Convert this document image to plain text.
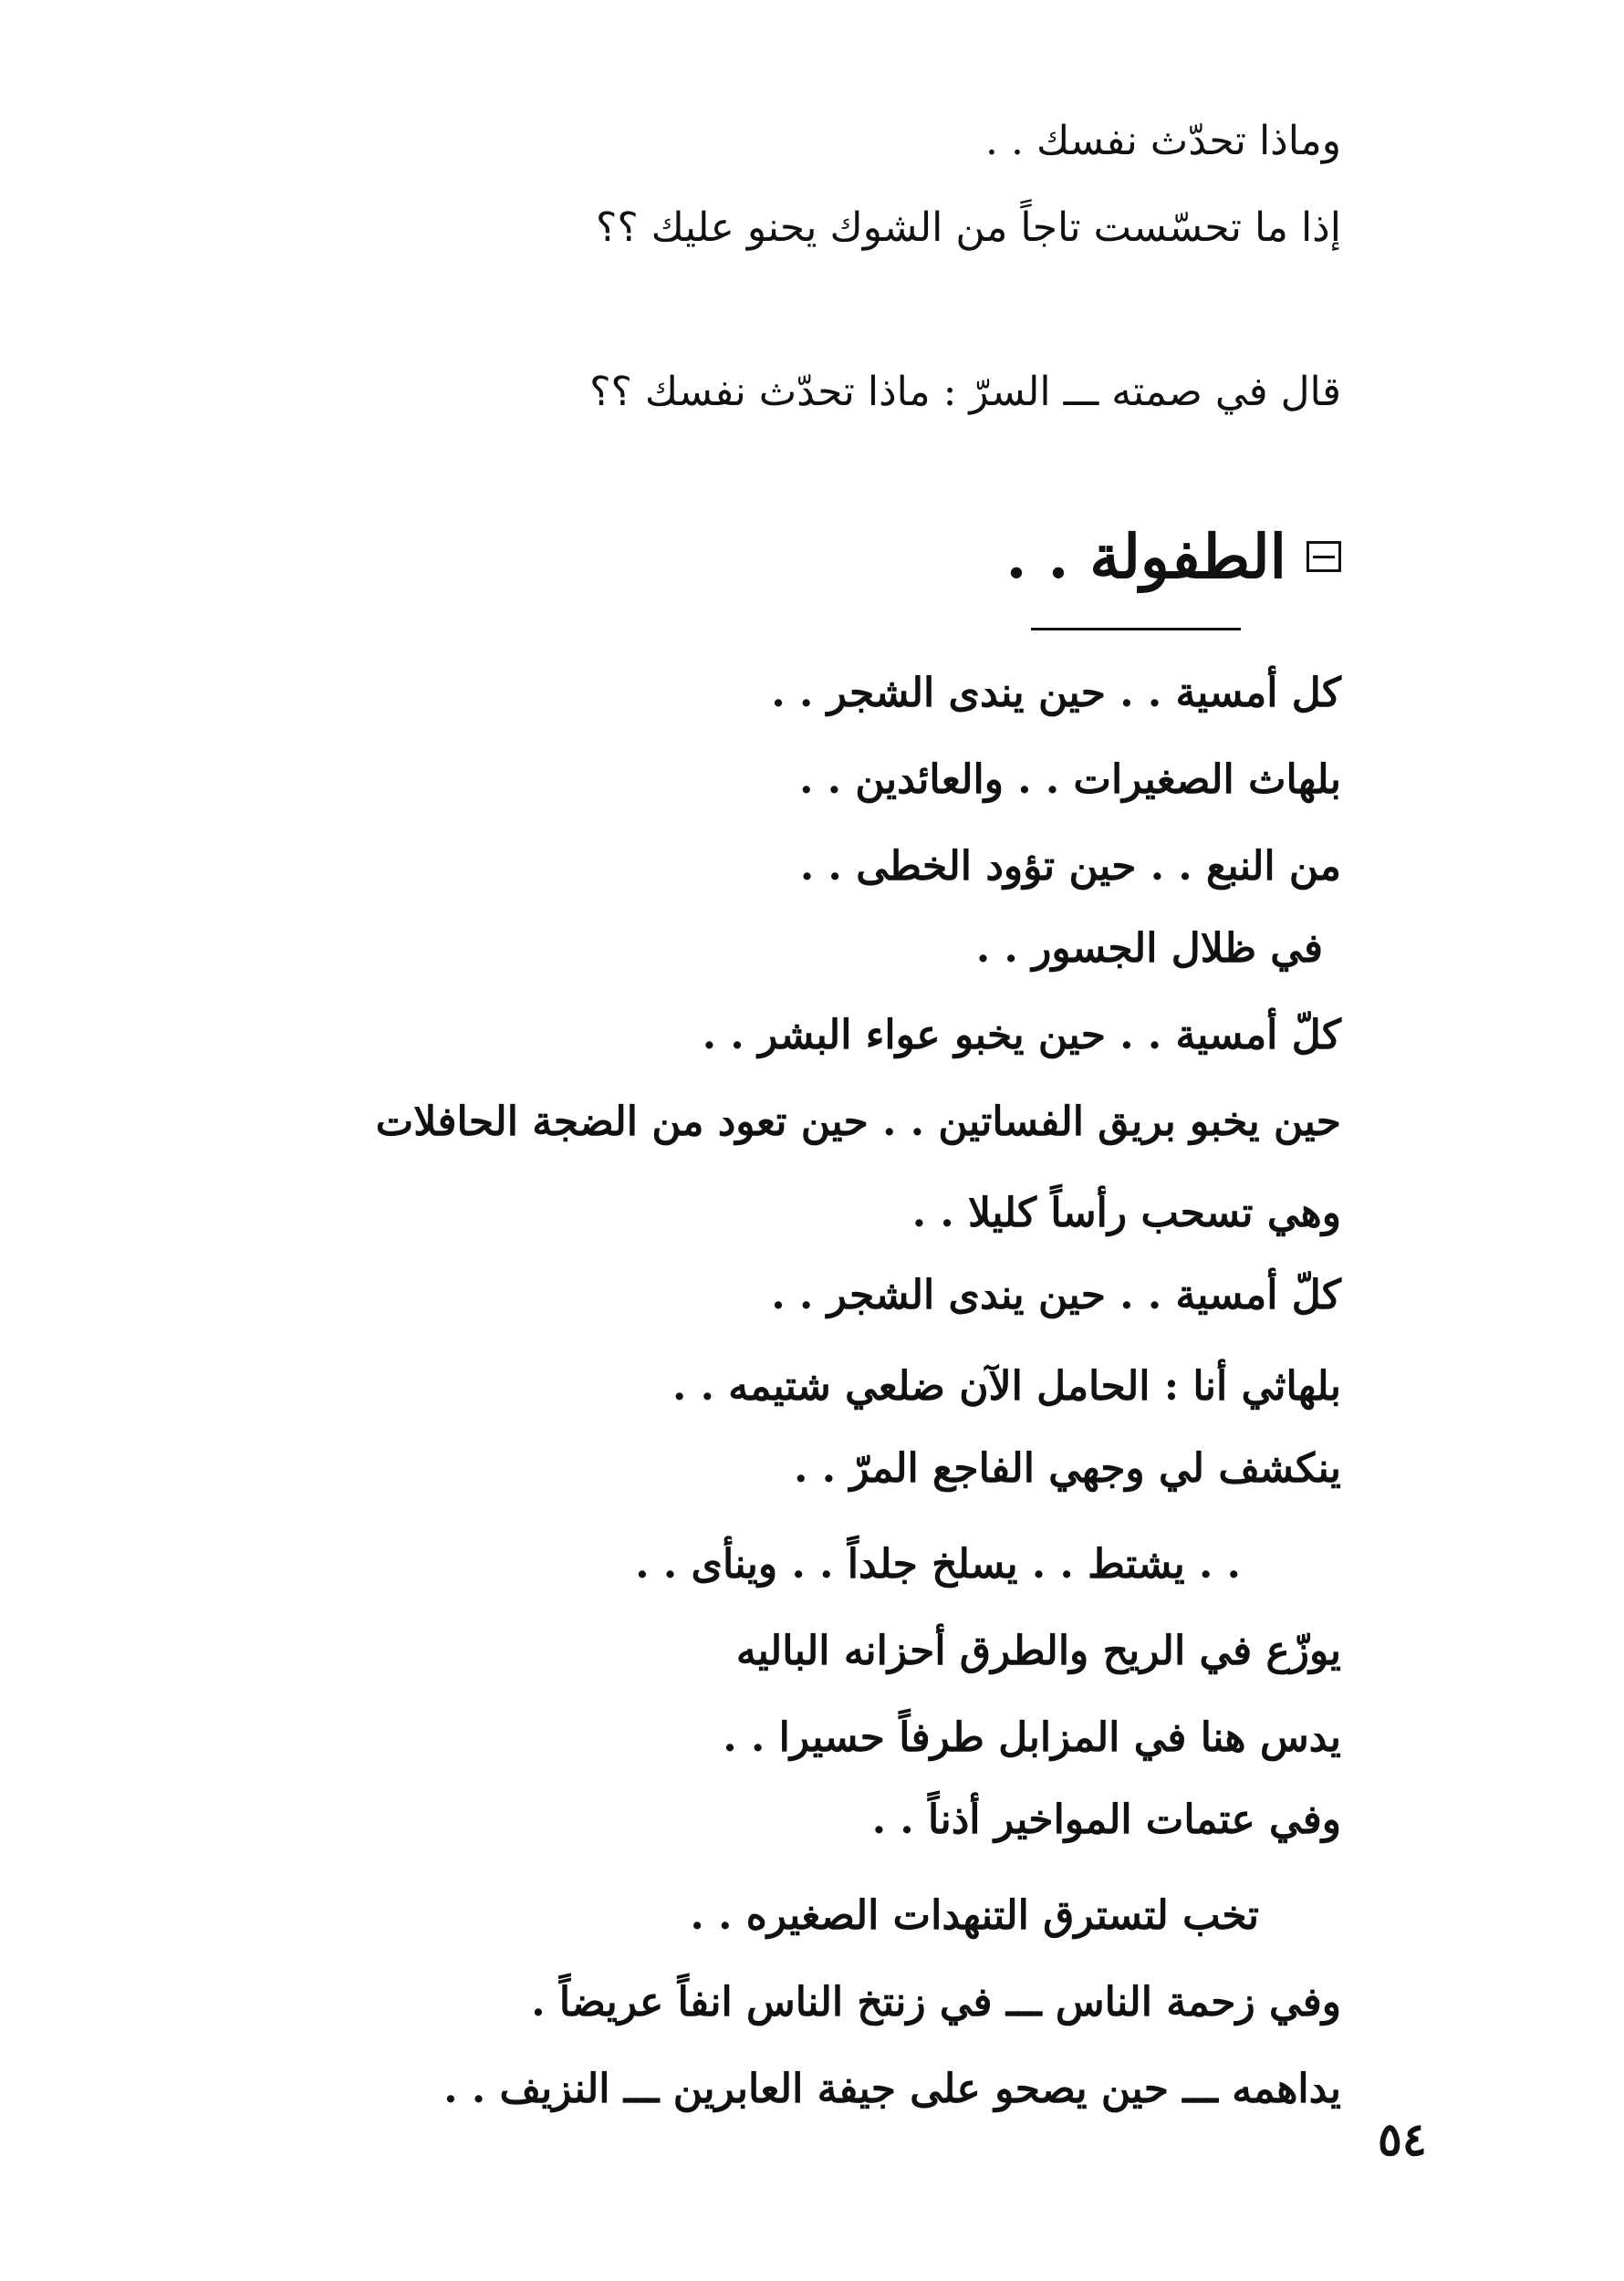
وماذا تحدّث نفسك . .
إذا ما تحسّست تاجاً من الشوك يحنو عليك ؟؟
قال في صمته ـــ السرّ : ماذا تحدّث نفسك ؟؟
الطفولة . .
كل أمسية . . حين يندى الشجر . .
بلهاث الصغيرات . . والعائدين . .
من النبع . . حين تؤود الخطى . .
في ظلال الجسور . .
كلّ أمسية . . حين يخبو عواء البشر . .
حين يخبو بريق الفساتين . . حين تعود من الضجة الحافلات
وهي تسحب رأساً كليلا . .
كلّ أمسية . . حين يندى الشجر . .
بلهاثي أنا : الحامل الآن ضلعي شتيمه . .
ينكشف لي وجهي الفاجع المرّ . .
. . يشتط . . يسلخ جلداً . . وينأى . .
يوزّع في الريح والطرق أحزانه الباليه
يدس هنا في المزابل طرفاً حسيرا . .
وفي عتمات المواخير أذناً . .
تخب لتسترق التنهدات الصغيره . .
وفي زحمة الناس ـــ في زنتخ الناس انفاً عريضاً .
يداهمه ـــ حين يصحو على جيفة العابرين ـــ النزيف . .
٥٤
